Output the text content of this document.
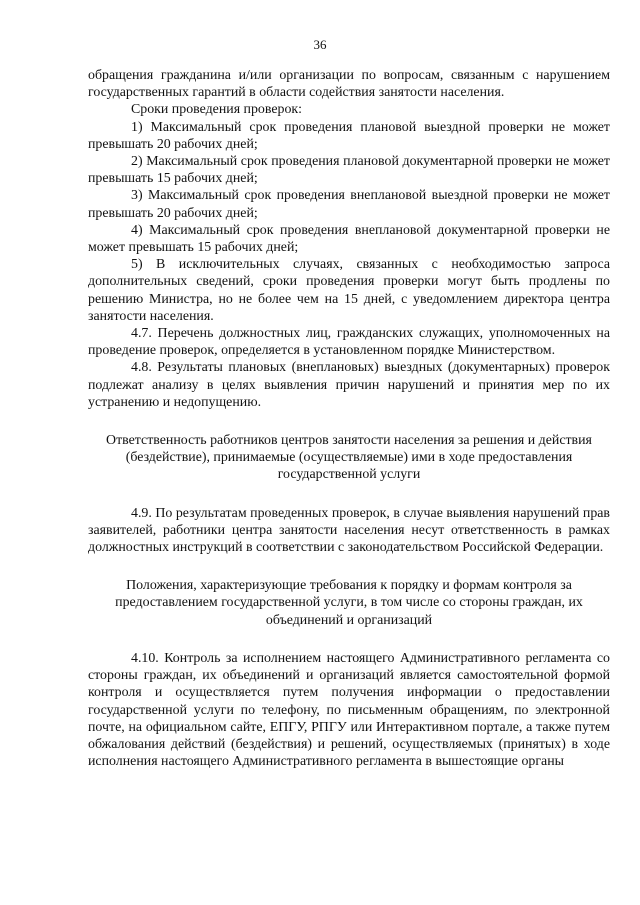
36

обращения гражданина и/или организации по вопросам, связанным с нарушением государственных гарантий в области содействия занятости населения.

Сроки проведения проверок:

1) Максимальный срок проведения плановой выездной проверки не может превышать 20 рабочих дней;

2) Максимальный срок проведения плановой документарной проверки не может превышать 15 рабочих дней;

3) Максимальный срок проведения внеплановой выездной проверки не может превышать 20 рабочих дней;

4) Максимальный срок проведения внеплановой документарной проверки не может превышать 15 рабочих дней;

5) В исключительных случаях, связанных с необходимостью запроса дополнительных сведений, сроки проведения проверки могут быть продлены по решению Министра, но не более чем на 15 дней, с уведомлением директора центра занятости населения.

4.7. Перечень должностных лиц, гражданских служащих, уполномоченных на проведение проверок, определяется в установленном порядке Министерством.

4.8. Результаты плановых (внеплановых) выездных (документарных) проверок подлежат анализу в целях выявления причин нарушений и принятия мер по их устранению и недопущению.

Ответственность работников центров занятости населения за решения и действия (бездействие), принимаемые (осуществляемые) ими в ходе предоставления государственной услуги

4.9. По результатам проведенных проверок, в случае выявления нарушений прав заявителей, работники центра занятости населения несут ответственность в рамках должностных инструкций в соответствии с законодательством Российской Федерации.

Положения, характеризующие требования к порядку и формам контроля за предоставлением государственной услуги, в том числе со стороны граждан, их объединений и организаций

4.10. Контроль за исполнением настоящего Административного регламента со стороны граждан, их объединений и организаций является самостоятельной формой контроля и осуществляется путем получения информации о предоставлении государственной услуги по телефону, по письменным обращениям, по электронной почте, на официальном сайте, ЕПГУ, РПГУ или Интерактивном портале, а также путем обжалования действий (бездействия) и решений, осуществляемых (принятых) в ходе исполнения настоящего Административного регламента в вышестоящие органы
